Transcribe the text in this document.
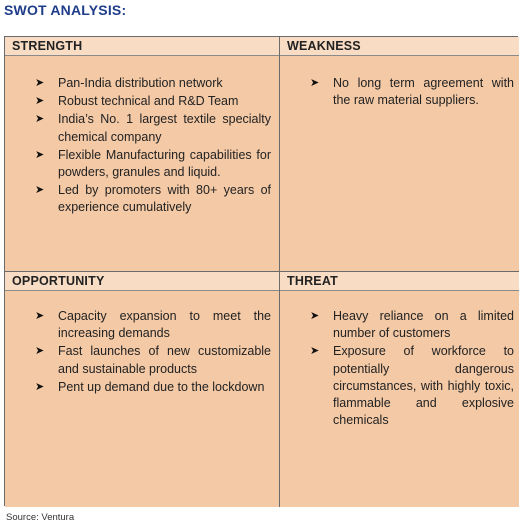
SWOT ANALYSIS:
STRENGTH
➤ Pan-India distribution network
➤ Robust technical and R&D Team
➤ India’s No. 1 largest textile specialty chemical company
➤ Flexible Manufacturing capabilities for powders, granules and liquid.
➤ Led by promoters with 80+ years of experience cumulatively
WEAKNESS
➤ No long term agreement with the raw material suppliers.
OPPORTUNITY
➤ Capacity expansion to meet the increasing demands
➤ Fast launches of new customizable and sustainable products
➤ Pent up demand due to the lockdown
THREAT
➤ Heavy reliance on a limited number of customers
➤ Exposure of workforce to potentially dangerous circumstances, with highly toxic, flammable and explosive chemicals
Source: Ventura
